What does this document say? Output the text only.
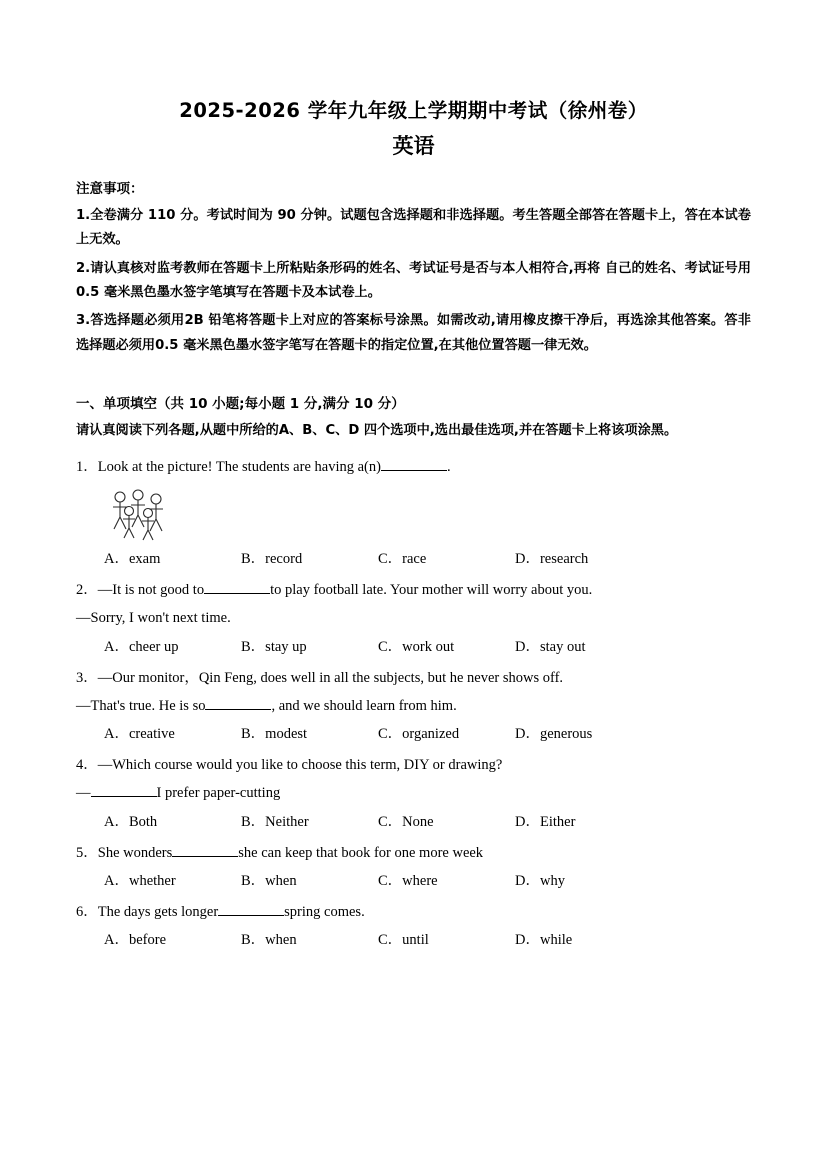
2025-2026 学年九年级上学期期中考试（徐州卷）
英语
注意事项：
1.全卷满分 110 分。考试时间为 90 分钟。试题包含选择题和非选择题。考生答题全部答在答题卡上，答在本试卷上无效。
2.请认真核对监考教师在答题卡上所粘贴条形码的姓名、考试证号是否与本人相符合,再将 自己的姓名、考试证号用0.5 毫米黑色墨水签字笔填写在答题卡及本试卷上。
3.答选择题必须用2B 铅笔将答题卡上对应的答案标号涂黑。如需改动,请用橡皮擦干净后，再选涂其他答案。答非选择题必须用0.5 毫米黑色墨水签字笔写在答题卡的指定位置,在其他位置答题一律无效。
一、单项填空（共 10 小题;每小题 1 分,满分 10 分）
请认真阅读下列各题,从题中所给的A、B、C、D 四个选项中,选出最佳选项,并在答题卡上将该项涂黑。
1．Look at the picture! The students are having a(n)	.
A．exam	B．record	C．race	D．research
2．—It is not good to	to play football late. Your mother will worry about you.
—Sorry, I won't next time.
A．cheer up	B．stay up	C．work out	D．stay out
3．—Our monitor，Qin Feng, does well in all the subjects, but he never shows off.
—That's true. He is so	, and we should learn from him.
A．creative	B．modest	C．organized	D．generous
4．—Which course would you like to choose this term, DIY or drawing?
—	I prefer paper-cutting
A．Both	B．Neither	C．None	D．Either
5．She wonders	she can keep that book for one more week
A．whether	B．when	C．where	D．why
6．The days gets longer	spring comes.
A．before	B．when	C．until	D．while
